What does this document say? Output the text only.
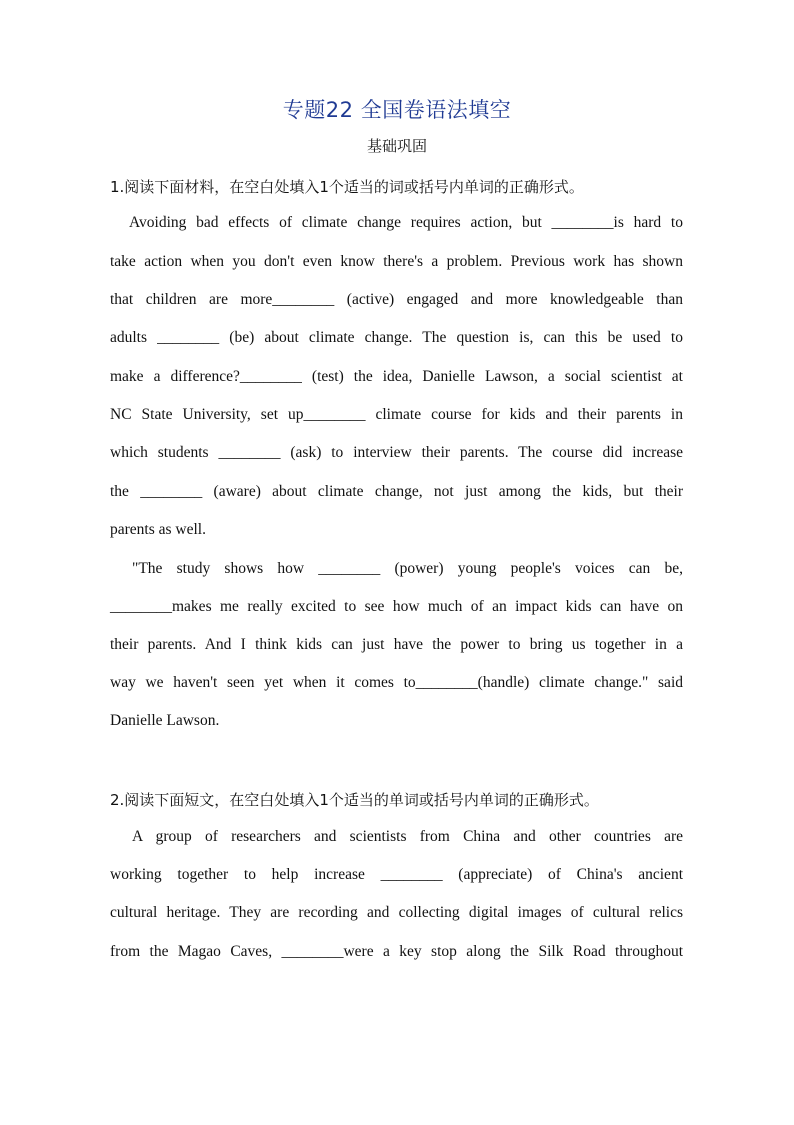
专题22 全国卷语法填空
基础巩固
1.阅读下面材料，在空白处填入1个适当的词或括号内单词的正确形式。
Avoiding bad effects of climate change requires action, but ________is hard to
take action when you don't even know there's a problem. Previous work has shown
that children are more________ (active) engaged and more knowledgeable than
adults ________ (be) about climate change. The question is, can this be used to
make a difference?________ (test) the idea, Danielle Lawson, a social scientist at
NC State University, set up________ climate course for kids and their parents in
which students ________ (ask) to interview their parents. The course did increase
the ________ (aware) about climate change, not just among the kids, but their
parents as well.
"The study shows how ________ (power) young people's voices can be,
________makes me really excited to see how much of an impact kids can have on
their parents. And I think kids can just have the power to bring us together in a
way we haven't seen yet when it comes to________(handle) climate change." said
Danielle Lawson.
2.阅读下面短文，在空白处填入1个适当的单词或括号内单词的正确形式。
A group of researchers and scientists from China and other countries are
working together to help increase ________ (appreciate) of China's ancient
cultural heritage. They are recording and collecting digital images of cultural relics
from the Magao Caves, ________were a key stop along the Silk Road throughout
